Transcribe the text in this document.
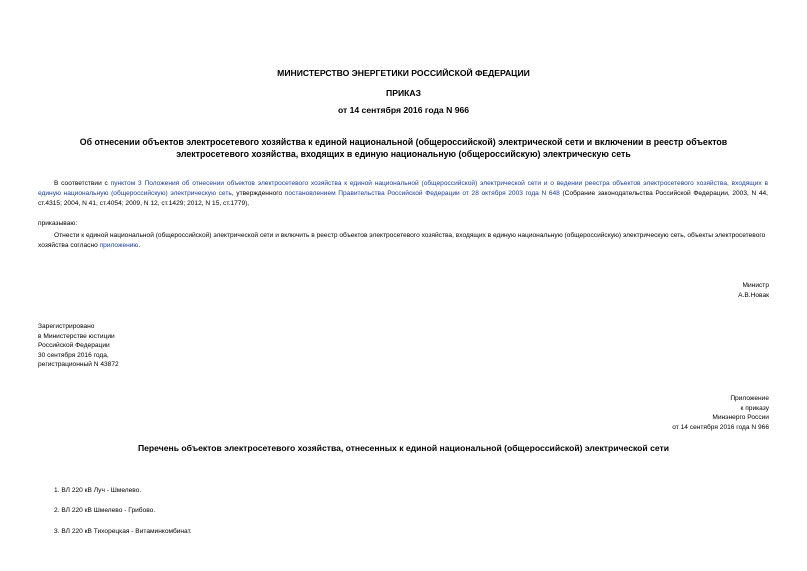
МИНИСТЕРСТВО ЭНЕРГЕТИКИ РОССИЙСКОЙ ФЕДЕРАЦИИ
ПРИКАЗ
от 14 сентября 2016 года N 966
Об отнесении объектов электросетевого хозяйства к единой национальной (общероссийской) электрической сети и включении в реестр объектов электросетевого хозяйства, входящих в единую национальную (общероссийскую) электрическую сеть
В соответствии с пунктом 3 Положения об отнесении объектов электросетевого хозяйства к единой национальной (общероссийской) электрической сети и о ведении реестра объектов электросетевого хозяйства, входящих в единую национальную (общероссийскую) электрическую сеть, утвержденного постановлением Правительства Российской Федерации от 28 октября 2003 года N 648 (Собрание законодательства Российской Федерации, 2003, N 44, ст.4315; 2004, N 41, ст.4054; 2009, N 12, ст.1429; 2012, N 15, ст.1779),
приказываю:
Отнести к единой национальной (общероссийской) электрической сети и включить в реестр объектов электросетевого хозяйства, входящих в единую национальную (общероссийскую) электрическую сеть, объекты электросетевого хозяйства согласно приложению.
Министр
А.В.Новак
Зарегистрировано
в Министерстве юстиции
Российской Федерации
30 сентября 2016 года,
регистрационный N 43872
Приложение
к приказу
Минэнерго России
от 14 сентября 2016 года N 966
Перечень объектов электросетевого хозяйства, отнесенных к единой национальной (общероссийской) электрической сети
1. ВЛ 220 кВ Луч - Шмелево.
2. ВЛ 220 кВ Шмелево - Грибово.
3. ВЛ 220 кВ Тихорецкая - Витаминкомбинат.
